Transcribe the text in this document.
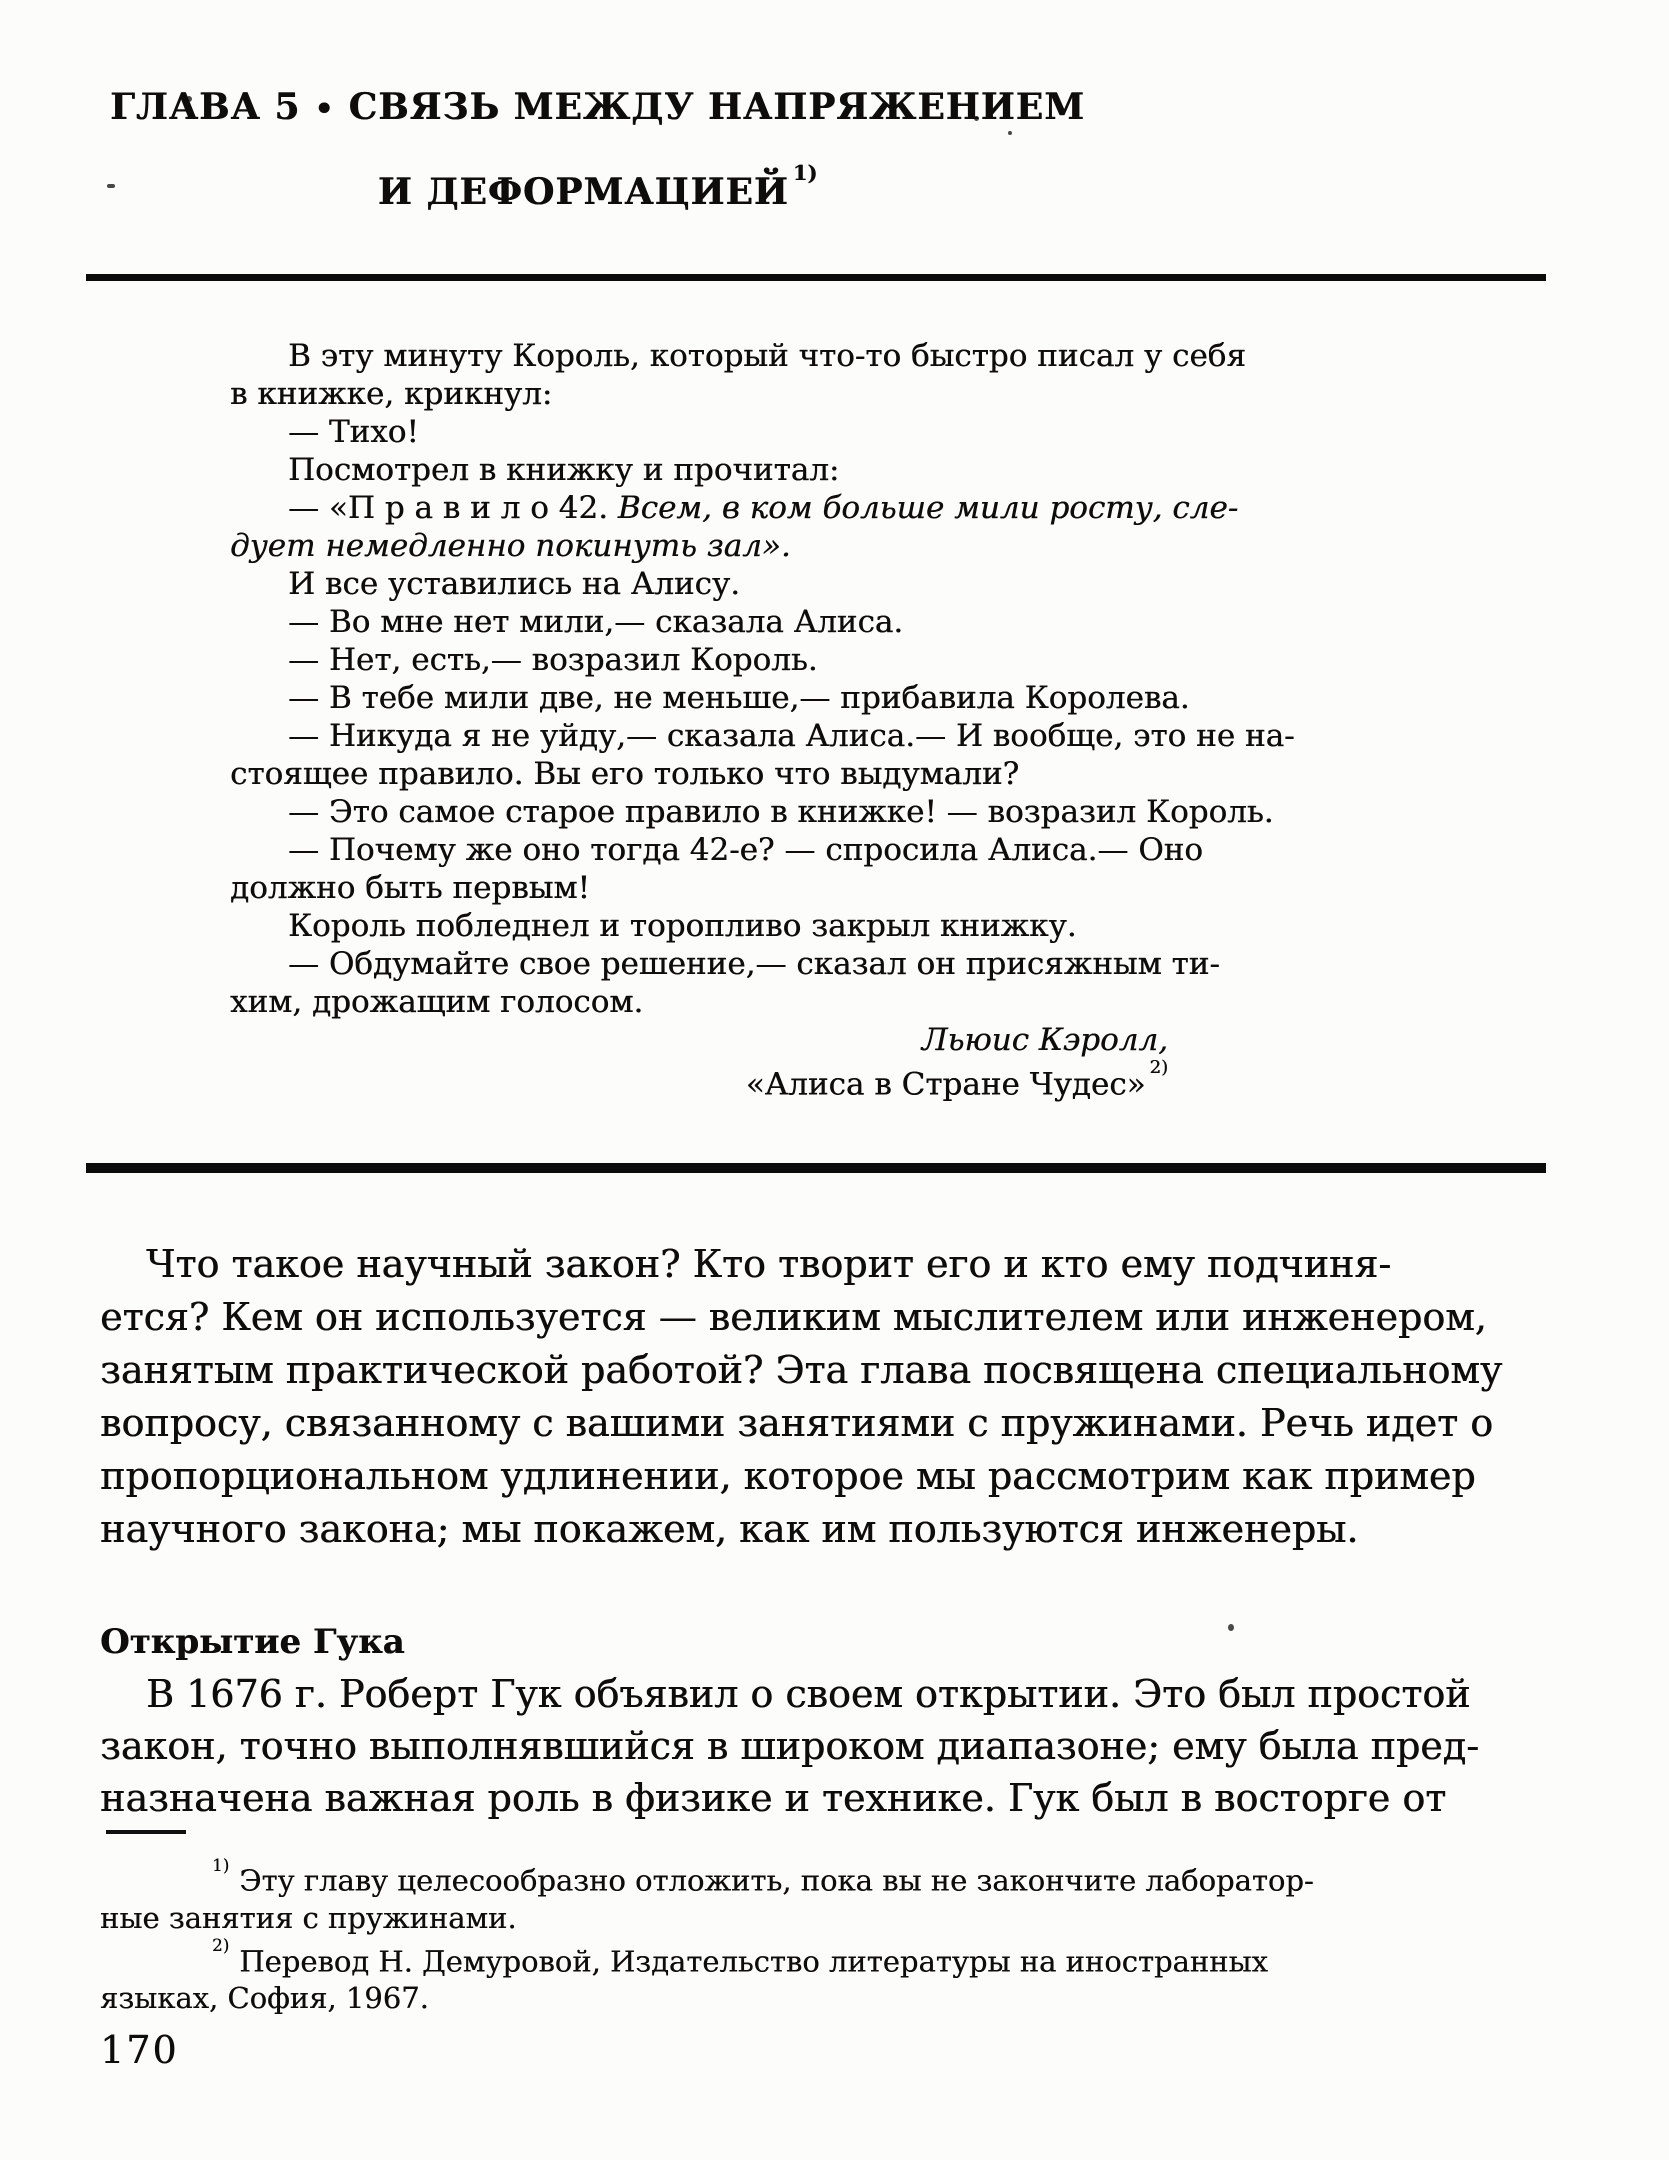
ГЛАВА 5 • СВЯЗЬ МЕЖДУ НАПРЯЖЕНИЕМ
И ДЕФОРМАЦИЕЙ $^{1)}$
В эту минуту Король, который что-то быстро писал у себя
в книжке, крикнул:
— Тихо!
Посмотрел в книжку и прочитал:
— «П р а в и л о 42. Всем, в ком больше мили росту, сле-
дует немедленно покинуть зал».
И все уставились на Алису.
— Во мне нет мили,— сказала Алиса.
— Нет, есть,— возразил Король.
— В тебе мили две, не меньше,— прибавила Королева.
— Никуда я не уйду,— сказала Алиса.— И вообще, это не на-
стоящее правило. Вы его только что выдумали?
— Это самое старое правило в книжке! — возразил Король.
— Почему же оно тогда 42-е? — спросила Алиса.— Оно
должно быть первым!
Король побледнел и торопливо закрыл книжку.
— Обдумайте свое решение,— сказал он присяжным ти-
хим, дрожащим голосом.
Льюис Кэролл,
«Алиса в Стране Чудес» $^{2)}$
Что такое научный закон? Кто творит его и кто ему подчиня-
ется? Кем он используется — великим мыслителем или инженером,
занятым практической работой? Эта глава посвящена специальному
вопросу, связанному с вашими занятиями с пружинами. Речь идет о
пропорциональном удлинении, которое мы рассмотрим как пример
научного закона; мы покажем, как им пользуются инженеры.
Открытие Гука
В 1676 г. Роберт Гук объявил о своем открытии. Это был простой
закон, точно выполнявшийся в широком диапазоне; ему была пред-
назначена важная роль в физике и технике. Гук был в восторге от
$^{1)}$ Эту главу целесообразно отложить, пока вы не закончите лаборатор-
ные занятия с пружинами.
$^{2)}$ Перевод Н. Демуровой, Издательство литературы на иностранных
языках, София, 1967.
170
